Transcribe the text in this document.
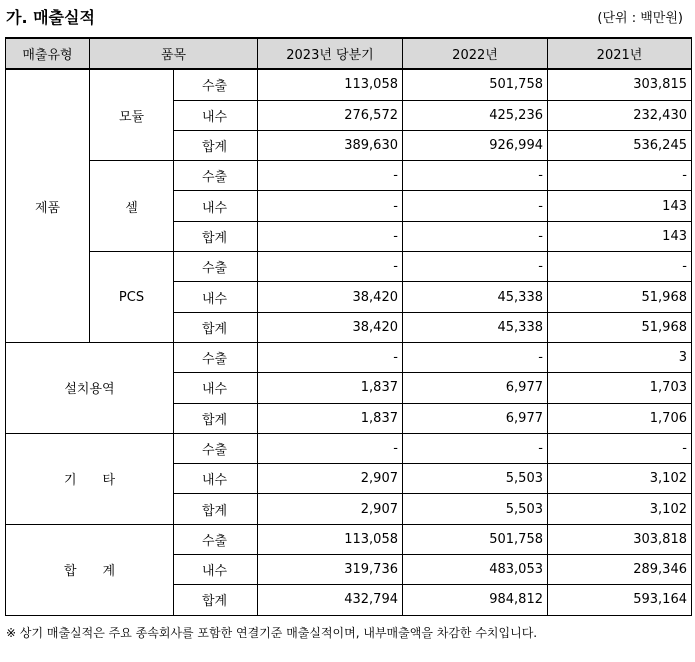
가. 매출실적	(단위 : 백만원)
매출유형	품목		2023년 당분기	2022년	2021년
제품	모듈	수출	113,058	501,758	303,815
		내수	276,572	425,236	232,430
		합계	389,630	926,994	536,245
	셀	수출	-	-	-
		내수	-	-	143
		합계	-	-	143
	PCS	수출	-	-	-
		내수	38,420	45,338	51,968
		합계	38,420	45,338	51,968
설치용역		수출	-	-	3
		내수	1,837	6,977	1,703
		합계	1,837	6,977	1,706
기　　타		수출	-	-	-
		내수	2,907	5,503	3,102
		합계	2,907	5,503	3,102
합　　계		수출	113,058	501,758	303,818
		내수	319,736	483,053	289,346
		합계	432,794	984,812	593,164
※ 상기 매출실적은 주요 종속회사를 포함한 연결기준 매출실적이며, 내부매출액을 차감한 수치입니다.
